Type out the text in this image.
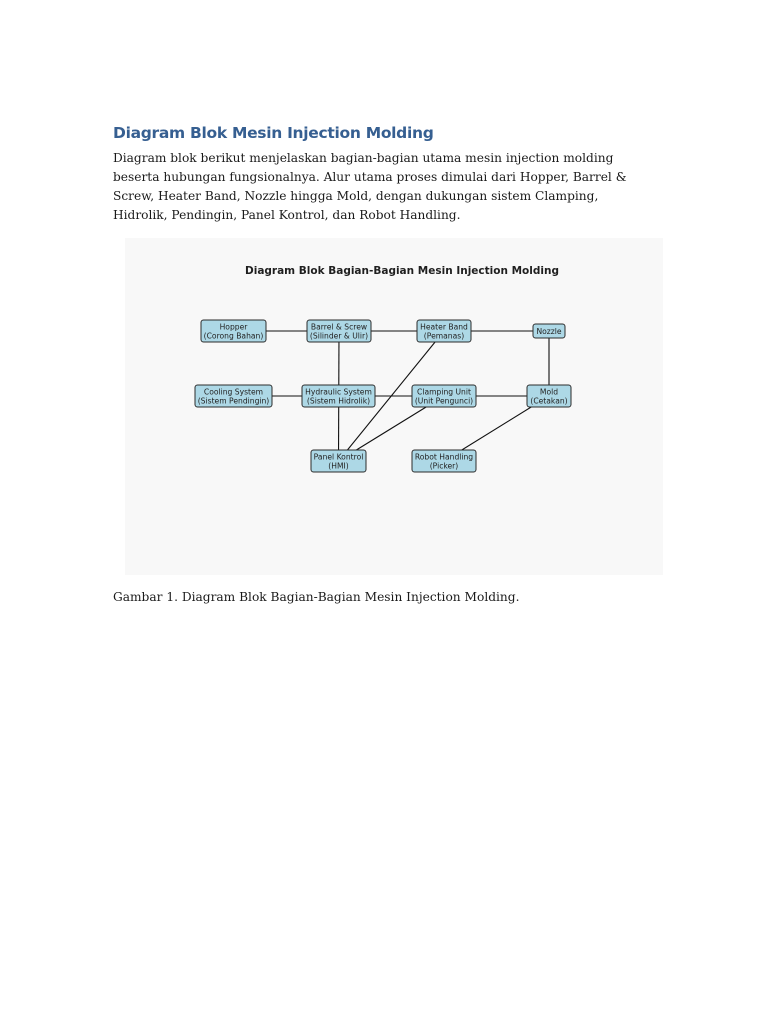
Diagram Blok Mesin Injection Molding

Diagram blok berikut menjelaskan bagian-bagian utama mesin injection molding beserta hubungan fungsionalnya. Alur utama proses dimulai dari Hopper, Barrel & Screw, Heater Band, Nozzle hingga Mold, dengan dukungan sistem Clamping, Hidrolik, Pendingin, Panel Kontrol, dan Robot Handling.

Diagram Blok Bagian-Bagian Mesin Injection Molding
Hopper
(Corong Bahan)
Barrel & Screw
(Silinder & Ulir)
Heater Band
(Pemanas)	Nozzle
Cooling System
(Sistem Pendingin)
Hydraulic System
(Sistem Hidrolik)
Clamping Unit
(Unit Pengunci)
Mold
(Cetakan)
Panel Kontrol
(HMI)
Robot Handling
(Picker)

Gambar 1. Diagram Blok Bagian-Bagian Mesin Injection Molding.
